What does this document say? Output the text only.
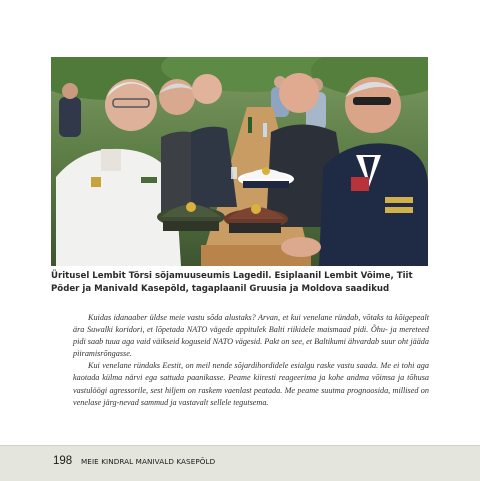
Üritusel Lembit Tõrsi sõjamuuseumis Lagedil. Esiplaanil Lembit Võime, Tiit Põder ja Manivald Kasepõld, tagaplaanil Gruusia ja Moldova saadikud

Kuidas idanaaber üldse meie vastu sõda alustaks? Arvan, et kui venelane ründab, võtaks ta kõigepealt ära Suwalki koridori, et lõpetada NATO vägede appitulek Balti riikidele maismaad pidi. Õhu- ja mereteed pidi saab tuua aga vaid väikseid koguseid NATO vägesid. Pakt on see, et Baltikumi ähvardab suur oht jääda piiramisrõngasse.

Kui venelane ründaks Eestit, on meil nende sõjardihordidele esialgu raske vastu saada. Me ei tohi aga kaotada külma närvi ega sattuda paanikasse. Peame kiiresti reageerima ja kohe andma võimsa ja tõhusa vastulöögi agressorile, sest hiljem on raskem vaenlast peatada. Me peame suutma prognoosida, millised on venelase järg-nevad sammud ja vastavalt sellele tegutsema.

198 MEIE KINDRAL MANIVALD KASEPÕLD
